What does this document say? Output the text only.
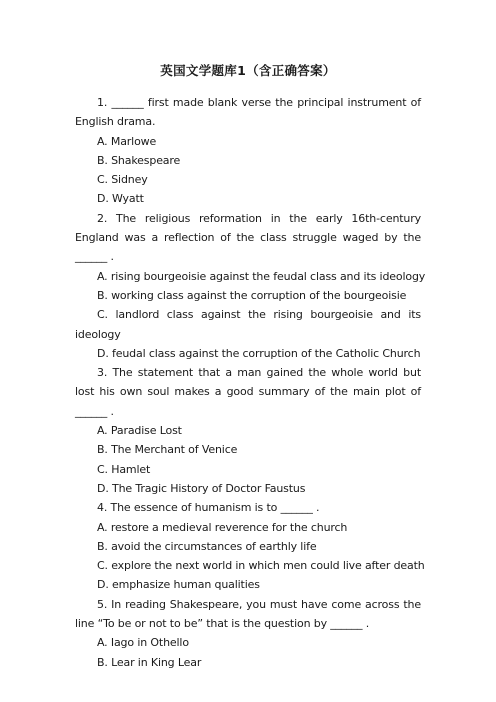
英国文学题库1（含正确答案）

1. ______ first made blank verse the principal instrument of English drama.

A. Marlowe

B. Shakespeare

C. Sidney

D. Wyatt

2. The religious reformation in the early 16th-century England was a reflection of the class struggle waged by the ______ .

A. rising bourgeoisie against the feudal class and its ideology

B. working class against the corruption of the bourgeoisie

C. landlord class against the rising bourgeoisie and its ideology

D. feudal class against the corruption of the Catholic Church

3. The statement that a man gained the whole world but lost his own soul makes a good summary of the main plot of ______ .

A. Paradise Lost

B. The Merchant of Venice

C. Hamlet

D. The Tragic History of Doctor Faustus

4. The essence of humanism is to ______ .

A. restore a medieval reverence for the church

B. avoid the circumstances of earthly life

C. explore the next world in which men could live after death

D. emphasize human qualities

5. In reading Shakespeare, you must have come across the line “To be or not to be” that is the question by ______ .

A. Iago in Othello

B. Lear in King Lear
